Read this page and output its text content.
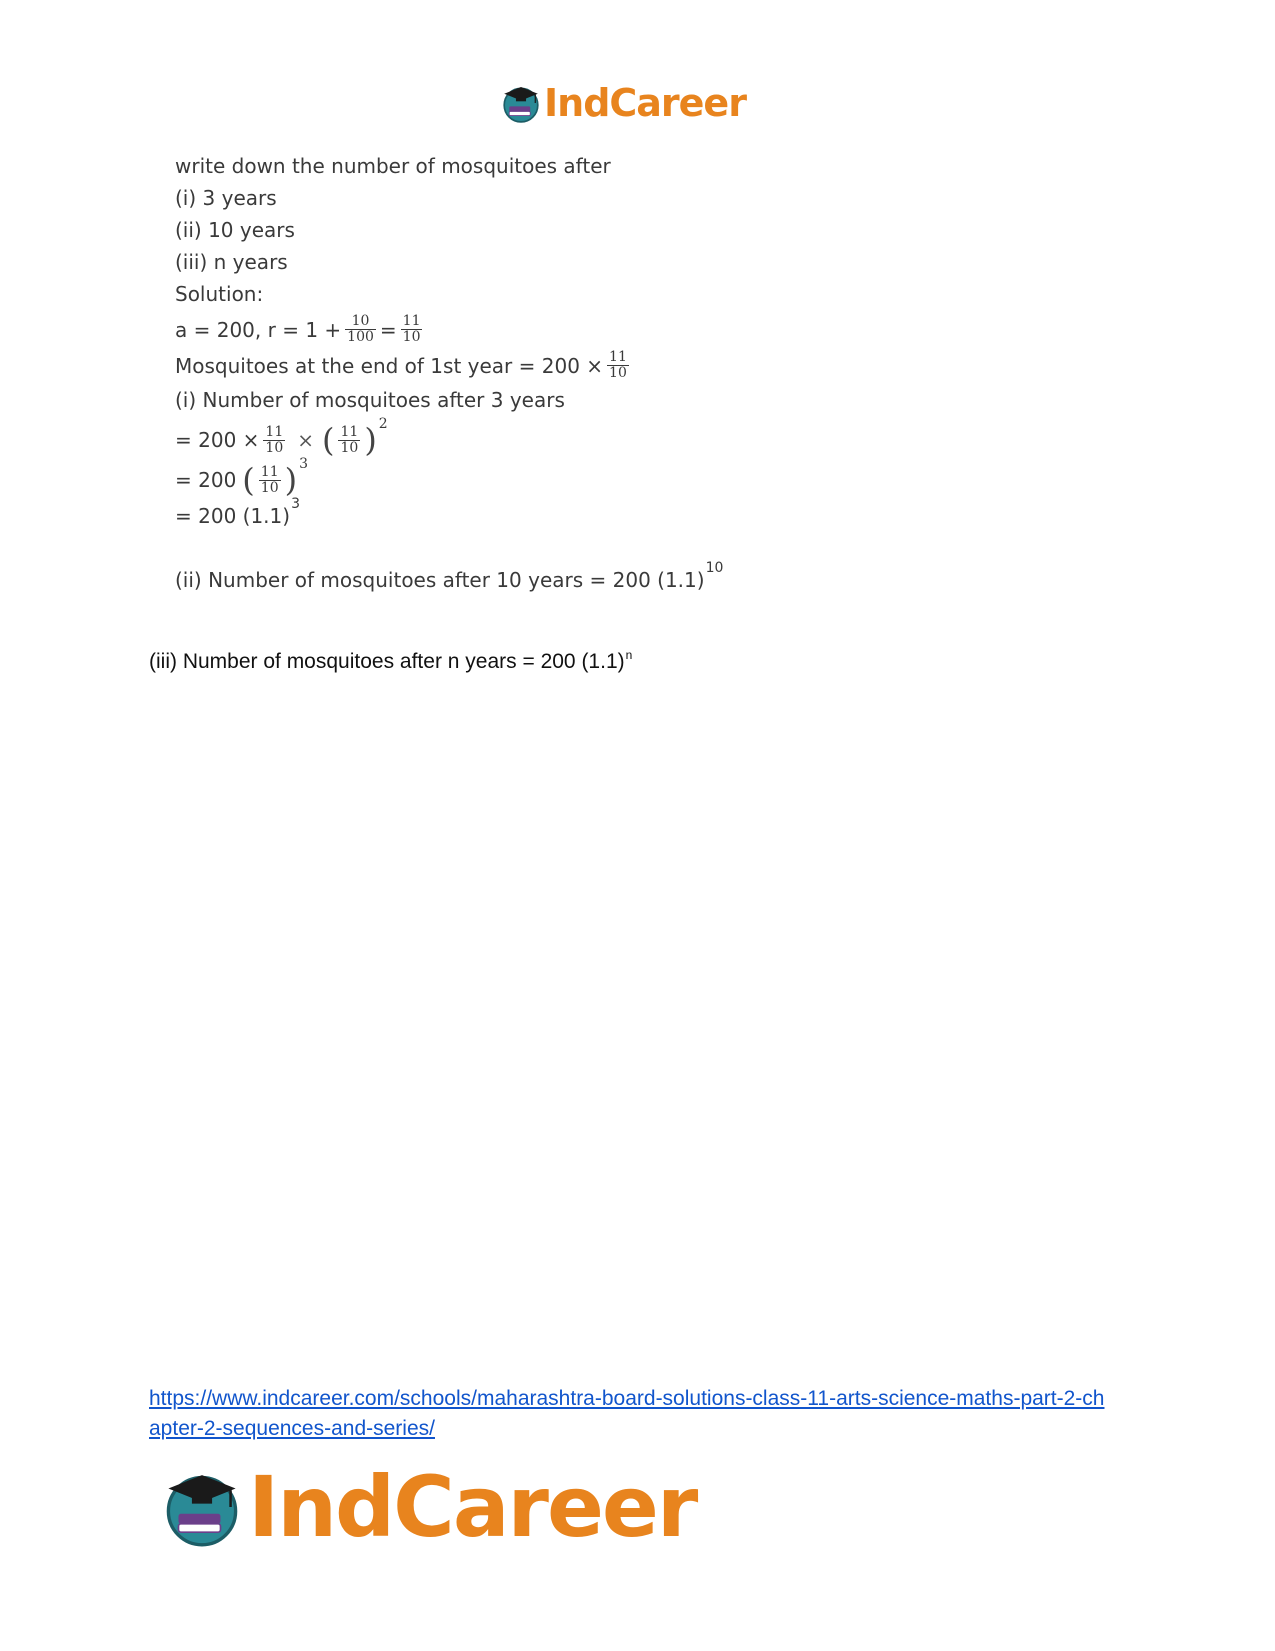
IndCareer
write down the number of mosquitoes after
(i) 3 years
(ii) 10 years
(iii) n years
Solution:
a = 200, $r = 1 + \frac{10}{100} = \frac{11}{10}$
Mosquitoes at the end of 1st year = $200 \times \frac{11}{10}$
(i) Number of mosquitoes after 3 years
= $200 \times \frac{11}{10}$ × ( $\frac{11}{10}$ ) 2
= 200 ( $\frac{11}{10}$ ) 3
= 200 (1.1) 3
(ii) Number of mosquitoes after 10 years = 200 (1.1) 10
(iii) Number of mosquitoes after n years = 200 $(1.1)^n$
https://www.indcareer.com/schools/maharashtra-board-solutions-class-11-arts-science-maths-part-2-chapter-2-sequences-and-series/
IndCareer
